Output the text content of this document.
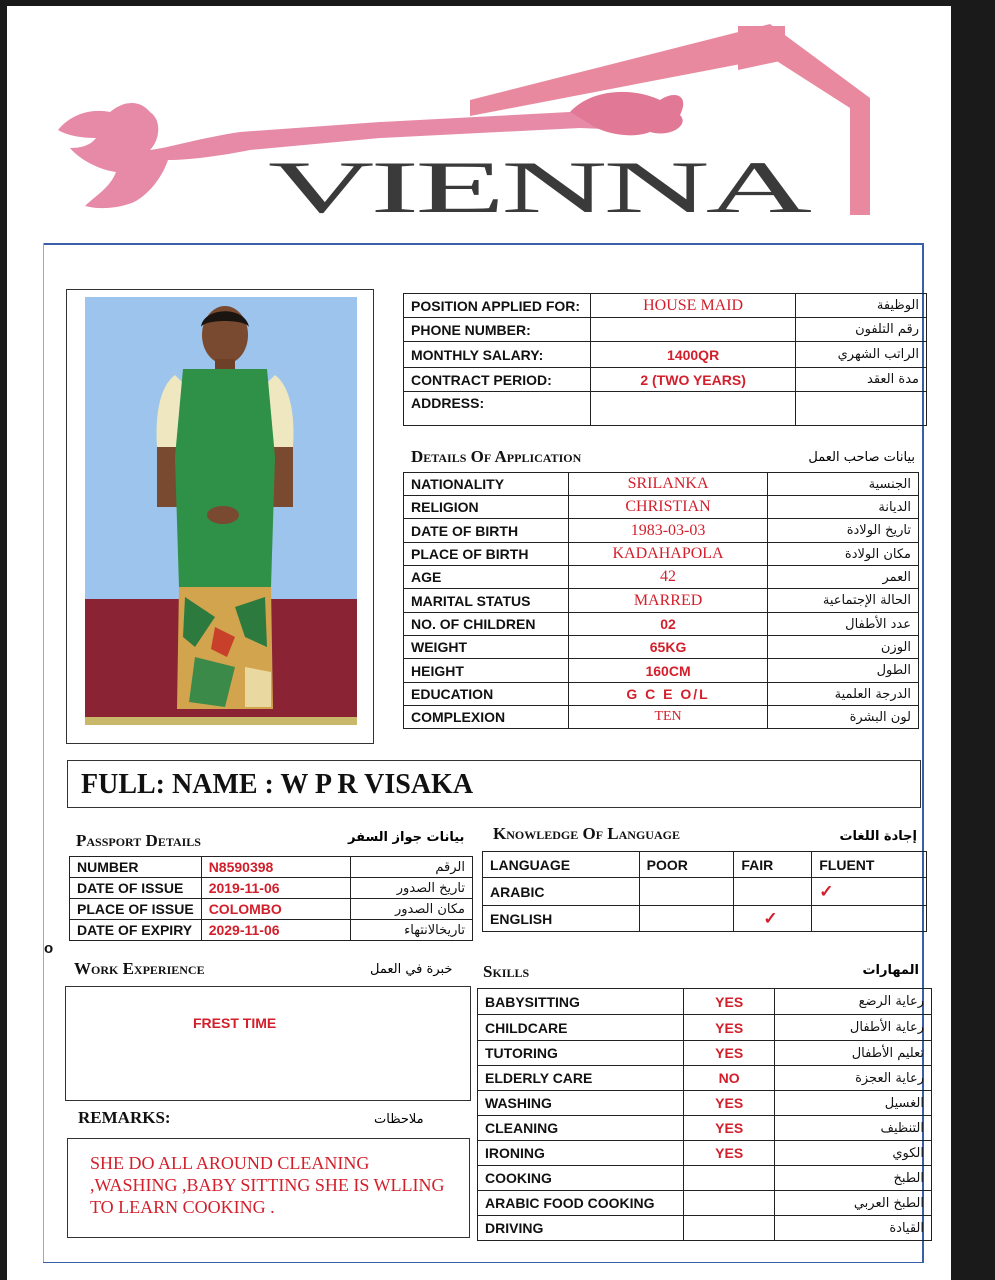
VIENNA
POSITION APPLIED FOR:	HOUSE MAID	الوظيفة
PHONE NUMBER:		رقم التلفون
MONTHLY SALARY:	1400QR	الراتب الشهري
CONTRACT PERIOD:	2 (TWO YEARS)	مدة العقد
ADDRESS:		
Details Of Application	بيانات صاحب العمل
NATIONALITY	SRILANKA	الجنسية
RELIGION	CHRISTIAN	الديانة
DATE OF BIRTH	1983-03-03	تاريخ الولادة
PLACE OF BIRTH	KADAHAPOLA	مكان الولادة
AGE	42	العمر
MARITAL STATUS	MARRED	الحالة الإجتماعية
NO. OF CHILDREN	02	عدد الأطفال
WEIGHT	65KG	الوزن
HEIGHT	160CM	الطول
EDUCATION	G C E O/L	الدرجة العلمية
COMPLEXION	TEN	لون البشرة
FULL: NAME : W P R VISAKA
Passport Details	بيانات جواز السفر
NUMBER	N8590398	الرقم
DATE OF ISSUE	2019-11-06	تاريخ الصدور
PLACE OF ISSUE	COLOMBO	مكان الصدور
DATE OF EXPIRY	2029-11-06	تاريخالانتهاء
Knowledge Of Language	إجادة اللغات
LANGUAGE	POOR	FAIR	FLUENT
ARABIC			✓
ENGLISH		✓	
o
Work Experience	خبرة في العمل
FREST TIME
REMARKS:	ملاحظات
SHE DO ALL AROUND CLEANING ,WASHING ,BABY SITTING SHE IS WLLING TO LEARN COOKING .
Skills	المهارات
BABYSITTING	YES	رعاية الرضع
CHILDCARE	YES	رعاية الأطفال
TUTORING	YES	تعليم الأطفال
ELDERLY CARE	NO	رعاية العجزة
WASHING	YES	الغسيل
CLEANING	YES	التنظيف
IRONING	YES	الكوي
COOKING		الطبخ
ARABIC FOOD COOKING		الطبخ العربي
DRIVING		القيادة
